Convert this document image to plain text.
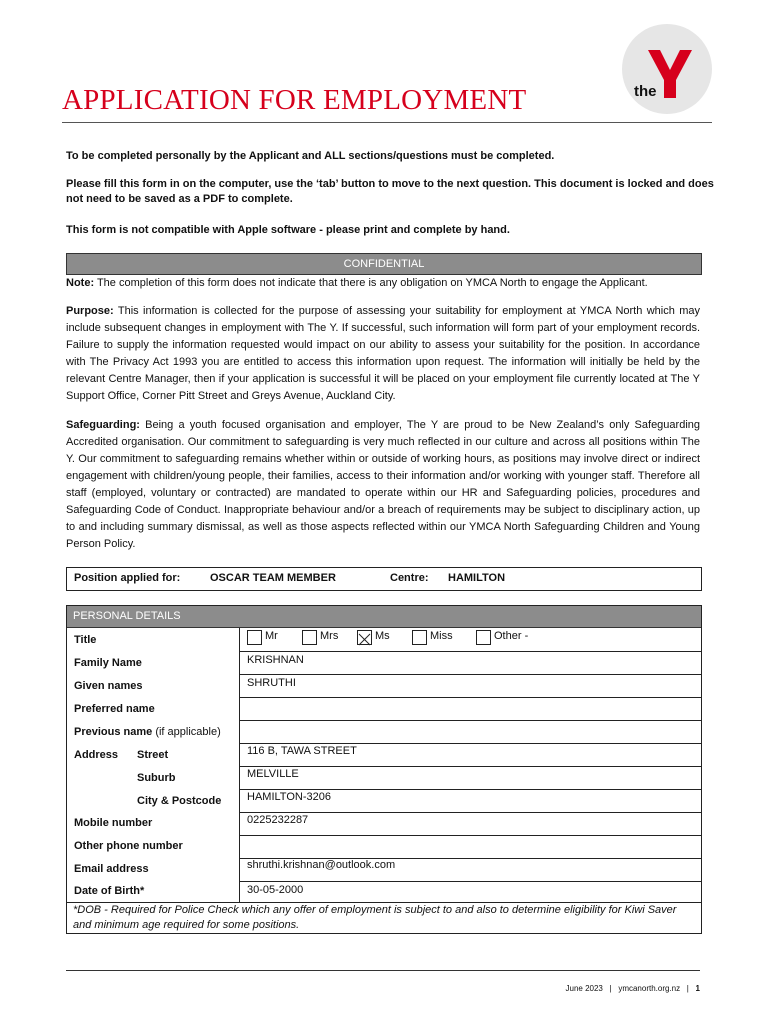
APPLICATION FOR EMPLOYMENT	the
To be completed personally by the Applicant and ALL sections/questions must be completed.
Please fill this form in on the computer, use the ‘tab’ button to move to the next question. This document is locked and does not need to be saved as a PDF to complete.
This form is not compatible with Apple software - please print and complete by hand.
CONFIDENTIAL
Note: The completion of this form does not indicate that there is any obligation on YMCA North to engage the Applicant.
Purpose: This information is collected for the purpose of assessing your suitability for employment at YMCA North which may include subsequent changes in employment with The Y. If successful, such information will form part of your employment records. Failure to supply the information requested would impact on our ability to assess your suitability for the position. In accordance with The Privacy Act 1993 you are entitled to access this information upon request. The information will initially be held by the relevant Centre Manager, then if your application is successful it will be placed on your employment file currently located at The Y Support Office, Corner Pitt Street and Greys Avenue, Auckland City.
Safeguarding: Being a youth focused organisation and employer, The Y are proud to be New Zealand’s only Safeguarding Accredited organisation. Our commitment to safeguarding is very much reflected in our culture and across all positions within The Y. Our commitment to safeguarding remains whether within or outside of working hours, as positions may involve direct or indirect engagement with children/young people, their families, access to their information and/or working with younger staff. Therefore all staff (employed, voluntary or contracted) are mandated to operate within our HR and Safeguarding policies, procedures and Safeguarding Code of Conduct. Inappropriate behaviour and/or a breach of requirements may be subject to disciplinary action, up to and including summary dismissal, as well as those aspects reflected within our YMCA North Safeguarding Children and Young Person Policy.
Position applied for:	OSCAR TEAM MEMBER	Centre: HAMILTON
PERSONAL DETAILS
Title	Mr	Mrs	Ms	Miss	Other -
Family Name	KRISHNAN
Given names	SHRUTHI
Preferred name
Previous name (if applicable)
Address Street	116 B, TAWA STREET
Suburb	MELVILLE
City & Postcode HAMILTON-3206
Mobile number	0225232287
Other phone number
Email address	shruthi.krishnan@outlook.com
Date of Birth*	30-05-2000
*DOB - Required for Police Check which any offer of employment is subject to and also to determine eligibility for Kiwi Saver and minimum age required for some positions.
June 2023 | ymcanorth.org.nz | 1
